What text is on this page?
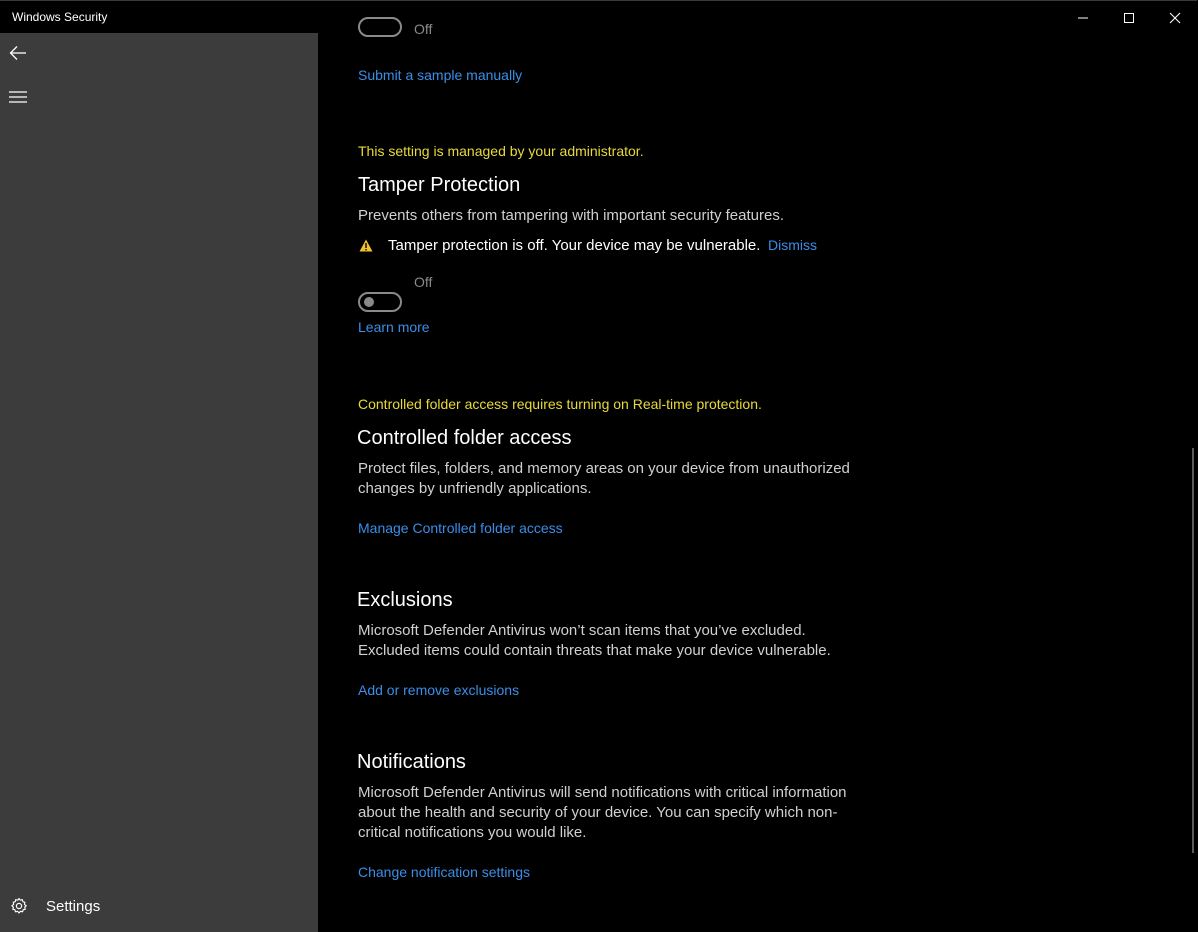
Windows Security
Settings
Off
Submit a sample manually
This setting is managed by your administrator.
Tamper Protection
Prevents others from tampering with important security features.
Tamper protection is off. Your device may be vulnerable. Dismiss
Off
Learn more
Controlled folder access requires turning on Real-time protection.
Controlled folder access
Protect files, folders, and memory areas on your device from unauthorized changes by unfriendly applications.
Manage Controlled folder access
Exclusions
Microsoft Defender Antivirus won’t scan items that you’ve excluded. Excluded items could contain threats that make your device vulnerable.
Add or remove exclusions
Notifications
Microsoft Defender Antivirus will send notifications with critical information about the health and security of your device. You can specify which non-critical notifications you would like.
Change notification settings
